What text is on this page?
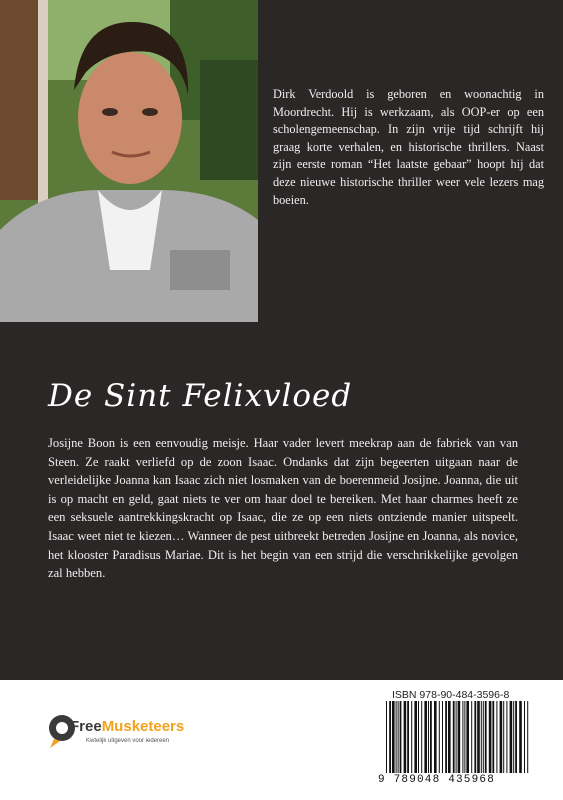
Dirk Verdoold is geboren en woonachtig in Moordrecht. Hij is werkzaam, als OOP-er op een scholengemeenschap. In zijn vrije tijd schrijft hij graag korte verhalen, en historische thrillers. Naast zijn eerste roman “Het laatste gebaar” hoopt hij dat deze nieuwe historische thriller weer vele lezers mag boeien.

De Sint Felixvloed

Josijne Boon is een eenvoudig meisje. Haar vader levert meekrap aan de fabriek van van Steen. Ze raakt verliefd op de zoon Isaac. Ondanks dat zijn begeerten uitgaan naar de verleidelijke Joanna kan Isaac zich niet losmaken van de boerenmeid Josijne. Joanna, die uit is op macht en geld, gaat niets te ver om haar doel te bereiken. Met haar charmes heeft ze een seksuele aantrekkingskracht op Isaac, die ze op een niets ontziende manier uitspeelt. Isaac weet niet te kiezen… Wanneer de pest uitbreekt betreden Josijne en Joanna, als novice, het klooster Paradisus Mariae. Dit is het begin van een strijd die verschrikkelijke gevolgen zal hebben.

FreeMusketeers
Kwtelijk uitgeven voor iedereen
ISBN 978-90-484-3596-8
9 789048 435968
